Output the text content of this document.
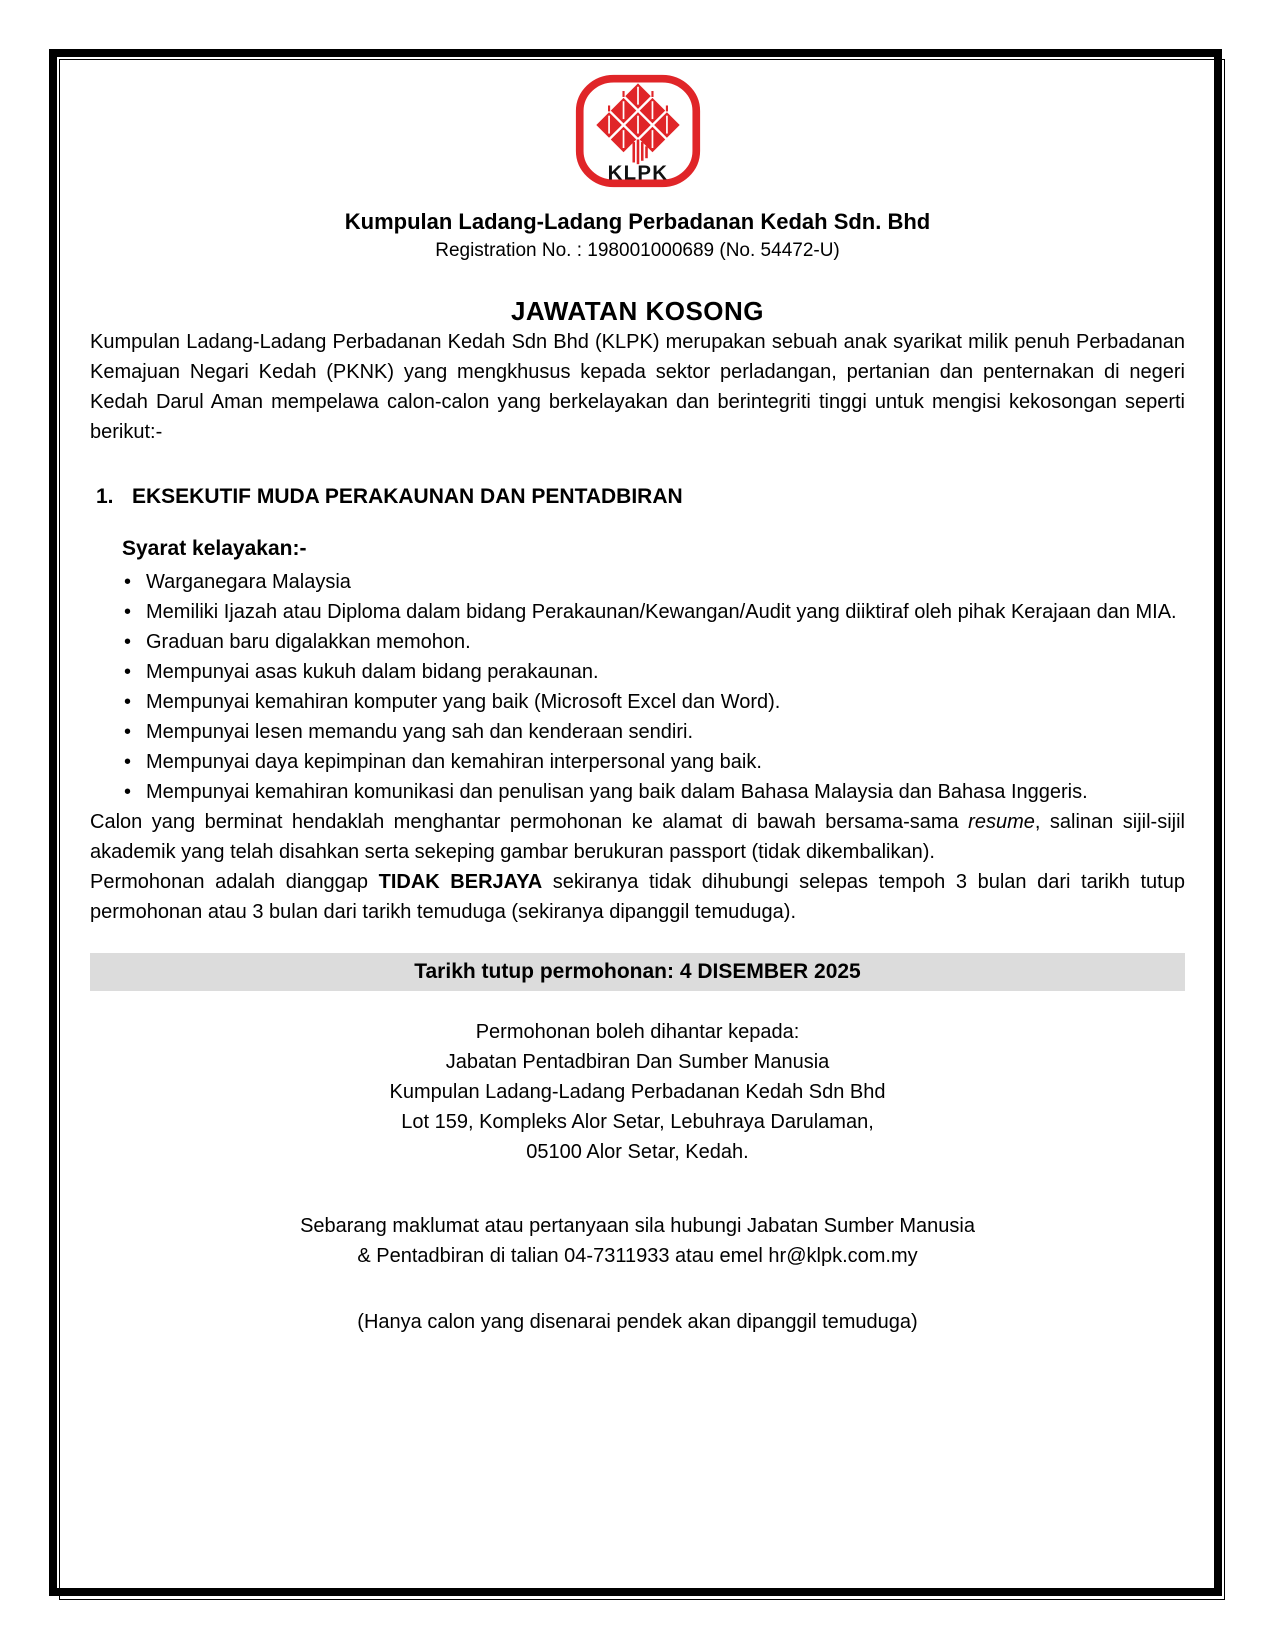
KLPK
Kumpulan Ladang-Ladang Perbadanan Kedah Sdn. Bhd
Registration No. : 198001000689 (No. 54472-U)
JAWATAN KOSONG

Kumpulan Ladang-Ladang Perbadanan Kedah Sdn Bhd (KLPK) merupakan sebuah anak syarikat milik penuh Perbadanan Kemajuan Negari Kedah (PKNK) yang mengkhusus kepada sektor perladangan, pertanian dan penternakan di negeri Kedah Darul Aman mempelawa calon-calon yang berkelayakan dan berintegriti tinggi untuk mengisi kekosongan seperti berikut:-

1. EKSEKUTIF MUDA PERAKAUNAN DAN PENTADBIRAN
Syarat kelayakan:-
• Warganegara Malaysia
• Memiliki Ijazah atau Diploma dalam bidang Perakaunan/Kewangan/Audit yang diiktiraf oleh pihak Kerajaan dan MIA.
• Graduan baru digalakkan memohon.
• Mempunyai asas kukuh dalam bidang perakaunan.
• Mempunyai kemahiran komputer yang baik (Microsoft Excel dan Word).
• Mempunyai lesen memandu yang sah dan kenderaan sendiri.
• Mempunyai daya kepimpinan dan kemahiran interpersonal yang baik.
• Mempunyai kemahiran komunikasi dan penulisan yang baik dalam Bahasa Malaysia dan Bahasa Inggeris.

Calon yang berminat hendaklah menghantar permohonan ke alamat di bawah bersama-sama resume, salinan sijil-sijil akademik yang telah disahkan serta sekeping gambar berukuran passport (tidak dikembalikan).

Permohonan adalah dianggap TIDAK BERJAYA sekiranya tidak dihubungi selepas tempoh 3 bulan dari tarikh tutup permohonan atau 3 bulan dari tarikh temuduga (sekiranya dipanggil temuduga).

Tarikh tutup permohonan: 4 DISEMBER 2025
Permohonan boleh dihantar kepada:
Jabatan Pentadbiran Dan Sumber Manusia
Kumpulan Ladang-Ladang Perbadanan Kedah Sdn Bhd
Lot 159, Kompleks Alor Setar, Lebuhraya Darulaman,
05100 Alor Setar, Kedah.
Sebarang maklumat atau pertanyaan sila hubungi Jabatan Sumber Manusia
& Pentadbiran di talian 04-7311933 atau emel hr@klpk.com.my
(Hanya calon yang disenarai pendek akan dipanggil temuduga)
